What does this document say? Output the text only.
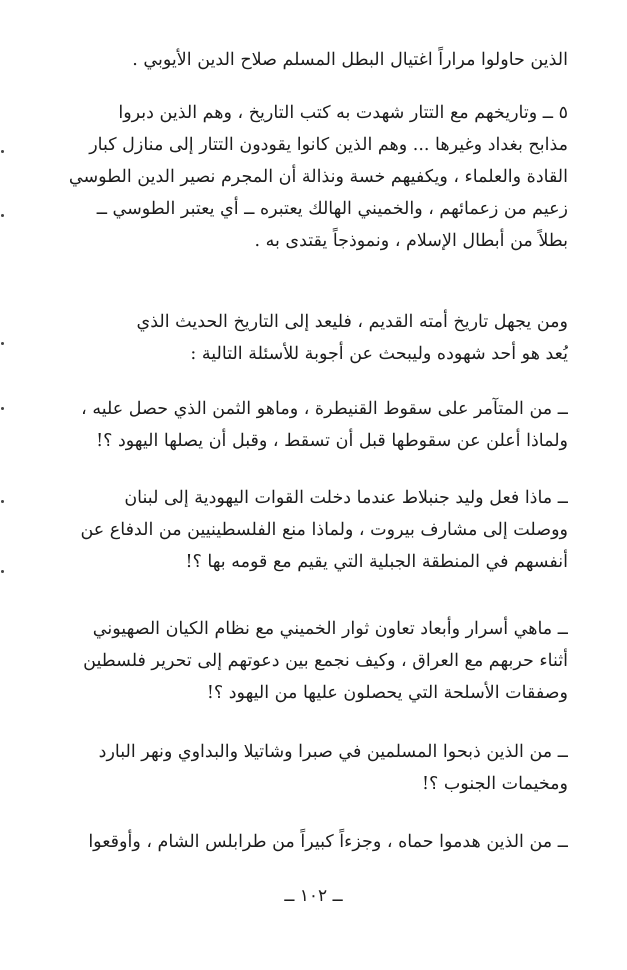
الذين حاولوا مراراً اغتيال البطل المسلم صلاح الدين الأيوبي .
٥ ــ وتاريخهم مع التتار شهدت به كتب التاريخ ، وهم الذين دبروا
مذابح بغداد وغيرها ... وهم الذين كانوا يقودون التتار إلى منازل كبار
القادة والعلماء ، ويكفيهم خسة ونذالة أن المجرم نصير الدين الطوسي
زعيم من زعمائهم ، والخميني الهالك يعتبره ــ أي يعتبر الطوسي ــ
بطلاً من أبطال الإسلام ، ونموذجاً يقتدى به .
ومن يجهل تاريخ أمته القديم ، فليعد إلى التاريخ الحديث الذي
يُعد هو أحد شهوده وليبحث عن أجوبة للأسئلة التالية :
ــ من المتآمر على سقوط القنيطرة ، وماهو الثمن الذي حصل عليه ،
ولماذا أعلن عن سقوطها قبل أن تسقط ، وقبل أن يصلها اليهود ؟!
ــ ماذا فعل وليد جنبلاط عندما دخلت القوات اليهودية إلى لبنان
ووصلت إلى مشارف بيروت ، ولماذا منع الفلسطينيين من الدفاع عن
أنفسهم في المنطقة الجبلية التي يقيم مع قومه بها ؟!
ــ ماهي أسرار وأبعاد تعاون ثوار الخميني مع نظام الكيان الصهيوني
أثناء حربهم مع العراق ، وكيف نجمع بين دعوتهم إلى تحرير فلسطين
وصفقات الأسلحة التي يحصلون عليها من اليهود ؟!
ــ من الذين ذبحوا المسلمين في صبرا وشاتيلا والبداوي ونهر البارد
ومخيمات الجنوب ؟!
ــ من الذين هدموا حماه ، وجزءاً كبيراً من طرابلس الشام ، وأوقعوا
ــ ١٠٢ ــ
